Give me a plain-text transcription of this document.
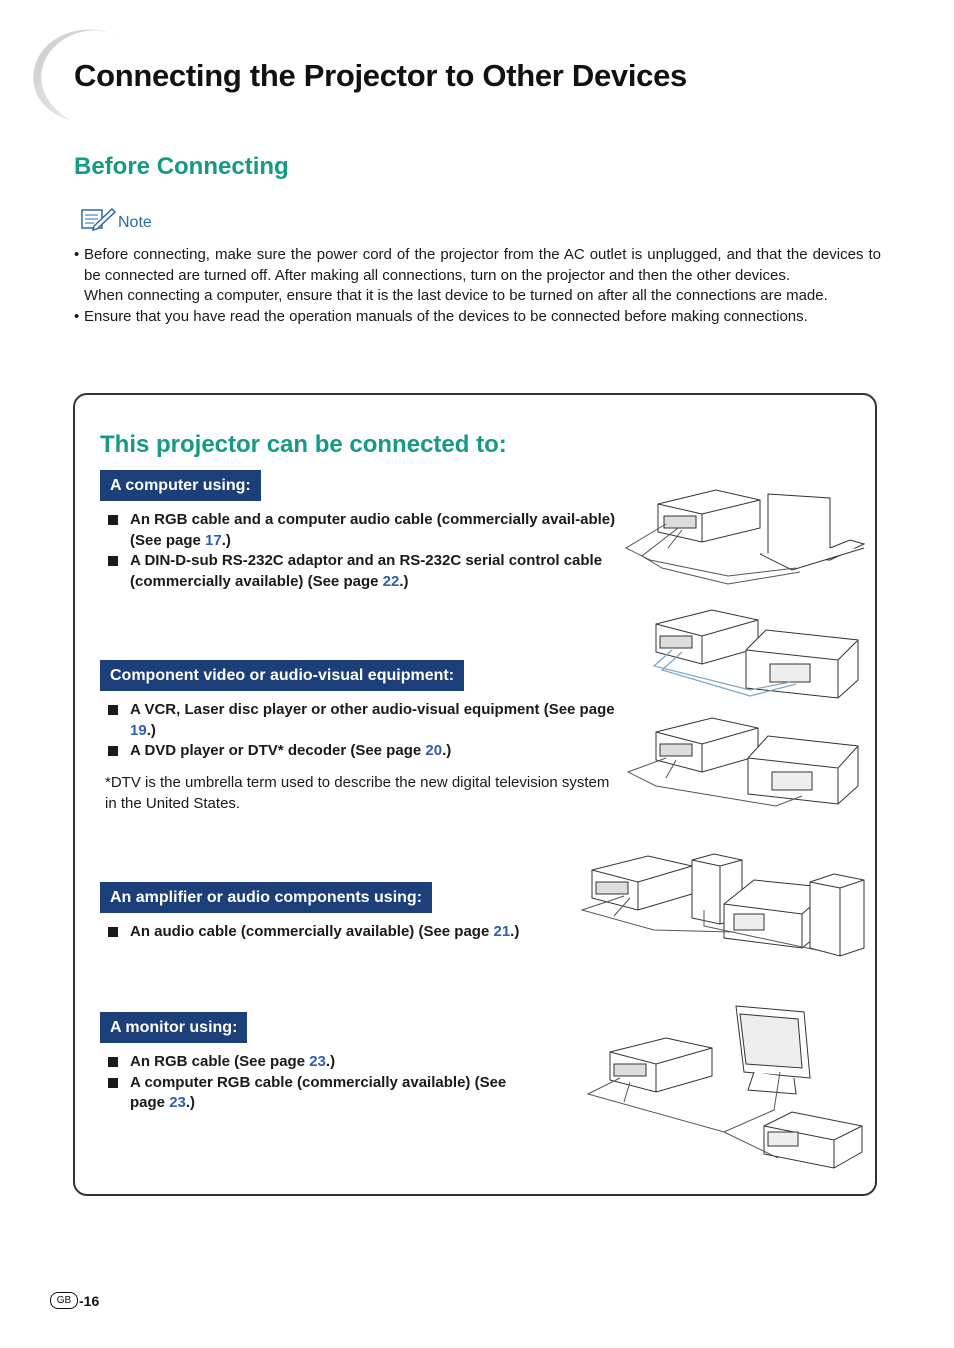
Connecting the Projector to Other Devices
Before Connecting
Note

• Before connecting, make sure the power cord of the projector from the AC outlet is unplugged, and that the devices to be connected are turned off. After making all connections, turn on the projector and then the other devices.

When connecting a computer, ensure that it is the last device to be turned on after all the connections are made.

• Ensure that you have read the operation manuals of the devices to be connected before making connections.

This projector can be connected to:
A computer using:
An RGB cable and a computer audio cable (commercially avail-able) (See page 17.)
A DIN-D-sub RS-232C adaptor and an RS-232C serial control cable (commercially available) (See page 22.)
Component video or audio-visual equipment:
A VCR, Laser disc player or other audio-visual equipment (See page 19.)
A DVD player or DTV* decoder (See page 20.)

*DTV is the umbrella term used to describe the new digital television system in the United States.

An amplifier or audio components using:
An audio cable (commercially available) (See page 21.)
A monitor using:
An RGB cable (See page 23.)
A computer RGB cable (commercially available) (See page 23.)
GB -16
